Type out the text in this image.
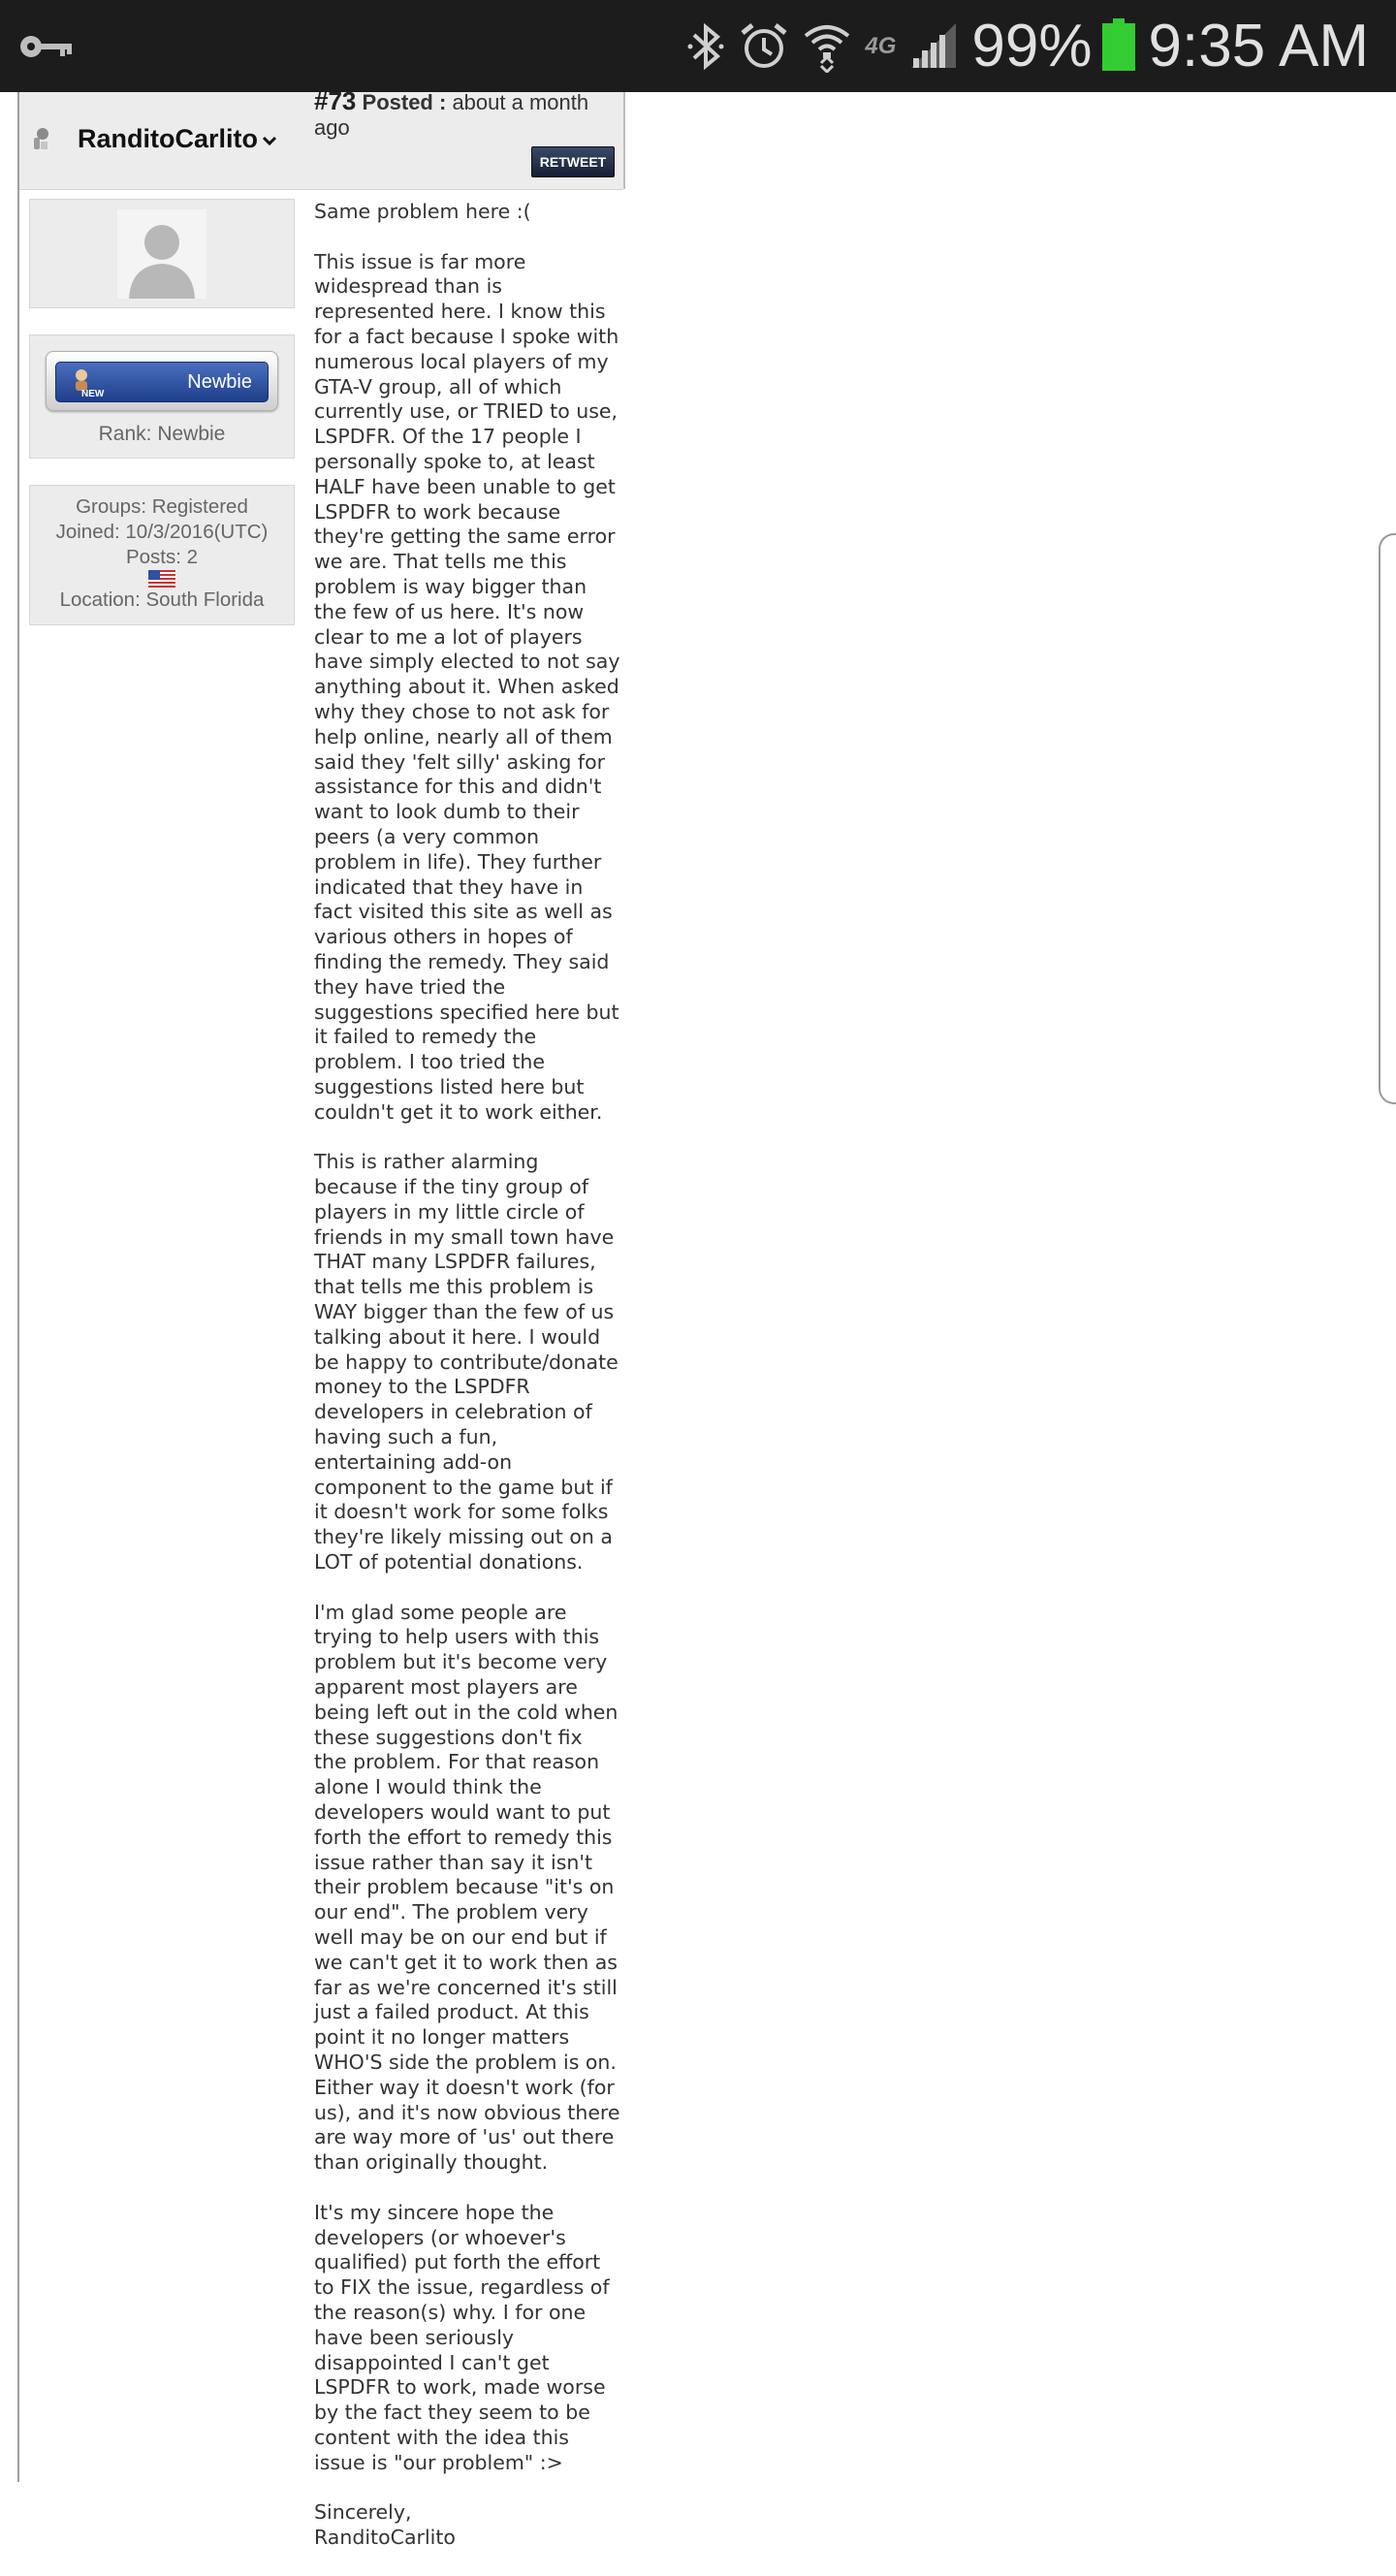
4G 99% 9:35 AM
RanditoCarlito
#73 Posted : about a month ago
RETWEET
NEW
Newbie
Rank: Newbie
Groups: Registered
Joined: 10/3/2016(UTC)
Posts: 2
Location: South Florida

Same problem here :(

This issue is far more widespread than is represented here. I know this for a fact because I spoke with numerous local players of my GTA-V group, all of which currently use, or TRIED to use, LSPDFR. Of the 17 people I personally spoke to, at least HALF have been unable to get LSPDFR to work because they're getting the same error we are. That tells me this problem is way bigger than the few of us here. It's now clear to me a lot of players have simply elected to not say anything about it. When asked why they chose to not ask for help online, nearly all of them said they 'felt silly' asking for assistance for this and didn't want to look dumb to their peers (a very common problem in life). They further indicated that they have in fact visited this site as well as various others in hopes of finding the remedy. They said they have tried the suggestions specified here but it failed to remedy the problem. I too tried the suggestions listed here but couldn't get it to work either.

This is rather alarming because if the tiny group of players in my little circle of friends in my small town have THAT many LSPDFR failures, that tells me this problem is WAY bigger than the few of us talking about it here. I would be happy to contribute/donate money to the LSPDFR developers in celebration of having such a fun, entertaining add-on component to the game but if it doesn't work for some folks they're likely missing out on a LOT of potential donations.

I'm glad some people are trying to help users with this problem but it's become very apparent most players are being left out in the cold when these suggestions don't fix the problem. For that reason alone I would think the developers would want to put forth the effort to remedy this issue rather than say it isn't their problem because "it's on our end". The problem very well may be on our end but if we can't get it to work then as far as we're concerned it's still just a failed product. At this point it no longer matters WHO'S side the problem is on. Either way it doesn't work (for us), and it's now obvious there are way more of 'us' out there than originally thought.

It's my sincere hope the developers (or whoever's qualified) put forth the effort to FIX the issue, regardless of the reason(s) why. I for one have been seriously disappointed I can't get LSPDFR to work, made worse by the fact they seem to be content with the idea this issue is "our problem" :>

Sincerely,
RanditoCarlito
